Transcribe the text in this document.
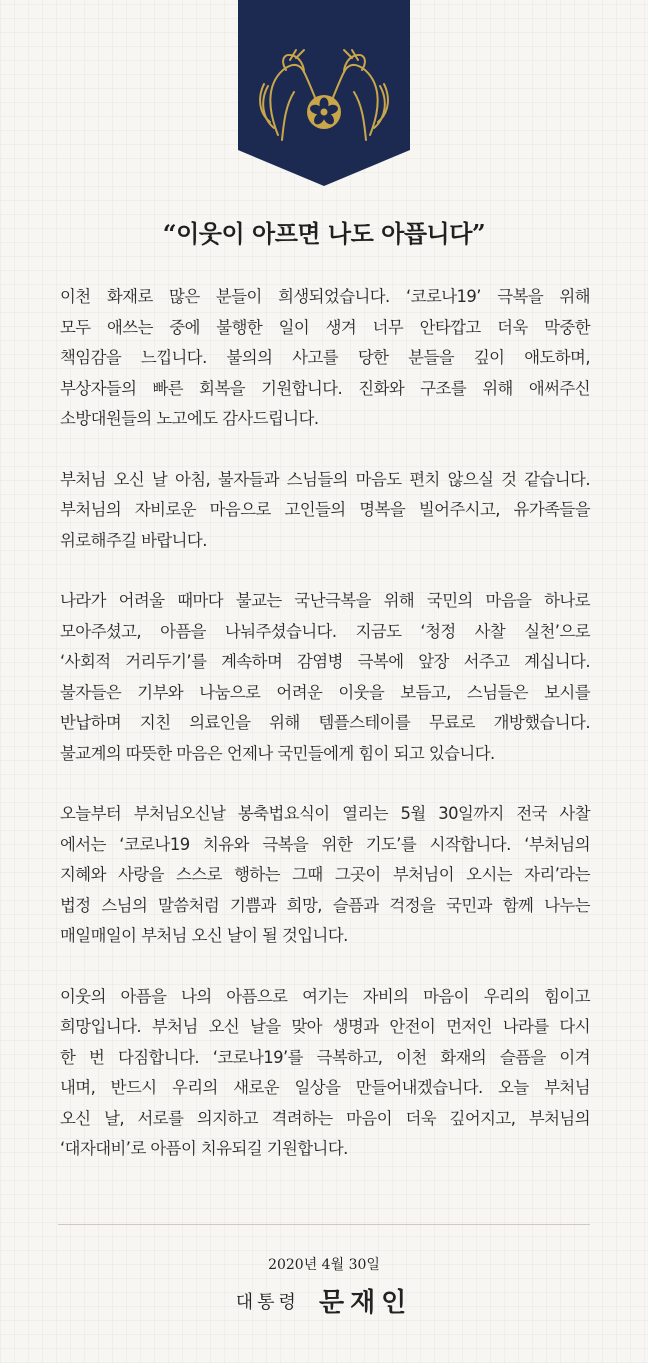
“이웃이 아프면 나도 아픕니다”
이천 화재로 많은 분들이 희생되었습니다. ‘코로나19’ 극복을 위해
모두 애쓰는 중에 불행한 일이 생겨 너무 안타깝고 더욱 막중한
책임감을 느낍니다. 불의의 사고를 당한 분들을 깊이 애도하며,
부상자들의 빠른 회복을 기원합니다. 진화와 구조를 위해 애써주신
소방대원들의 노고에도 감사드립니다.
부처님 오신 날 아침, 불자들과 스님들의 마음도 편치 않으실 것 같습니다.
부처님의 자비로운 마음으로 고인들의 명복을 빌어주시고, 유가족들을
위로해주길 바랍니다.
나라가 어려울 때마다 불교는 국난극복을 위해 국민의 마음을 하나로
모아주셨고, 아픔을 나눠주셨습니다. 지금도 ‘청정 사찰 실천’으로
‘사회적 거리두기’를 계속하며 감염병 극복에 앞장 서주고 계십니다.
불자들은 기부와 나눔으로 어려운 이웃을 보듬고, 스님들은 보시를
반납하며 지친 의료인을 위해 템플스테이를 무료로 개방했습니다.
불교계의 따뜻한 마음은 언제나 국민들에게 힘이 되고 있습니다.
오늘부터 부처님오신날 봉축법요식이 열리는 5월 30일까지 전국 사찰
에서는 ‘코로나19 치유와 극복을 위한 기도’를 시작합니다. ‘부처님의
지혜와 사랑을 스스로 행하는 그때 그곳이 부처님이 오시는 자리’라는
법정 스님의 말씀처럼 기쁨과 희망, 슬픔과 걱정을 국민과 함께 나누는
매일매일이 부처님 오신 날이 될 것입니다.
이웃의 아픔을 나의 아픔으로 여기는 자비의 마음이 우리의 힘이고
희망입니다. 부처님 오신 날을 맞아 생명과 안전이 먼저인 나라를 다시
한 번 다짐합니다. ‘코로나19’를 극복하고, 이천 화재의 슬픔을 이겨
내며, 반드시 우리의 새로운 일상을 만들어내겠습니다. 오늘 부처님
오신 날, 서로를 의지하고 격려하는 마음이 더욱 깊어지고, 부처님의
‘대자대비’로 아픔이 치유되길 기원합니다.
2020년 4월 30일
대통령 문재인
